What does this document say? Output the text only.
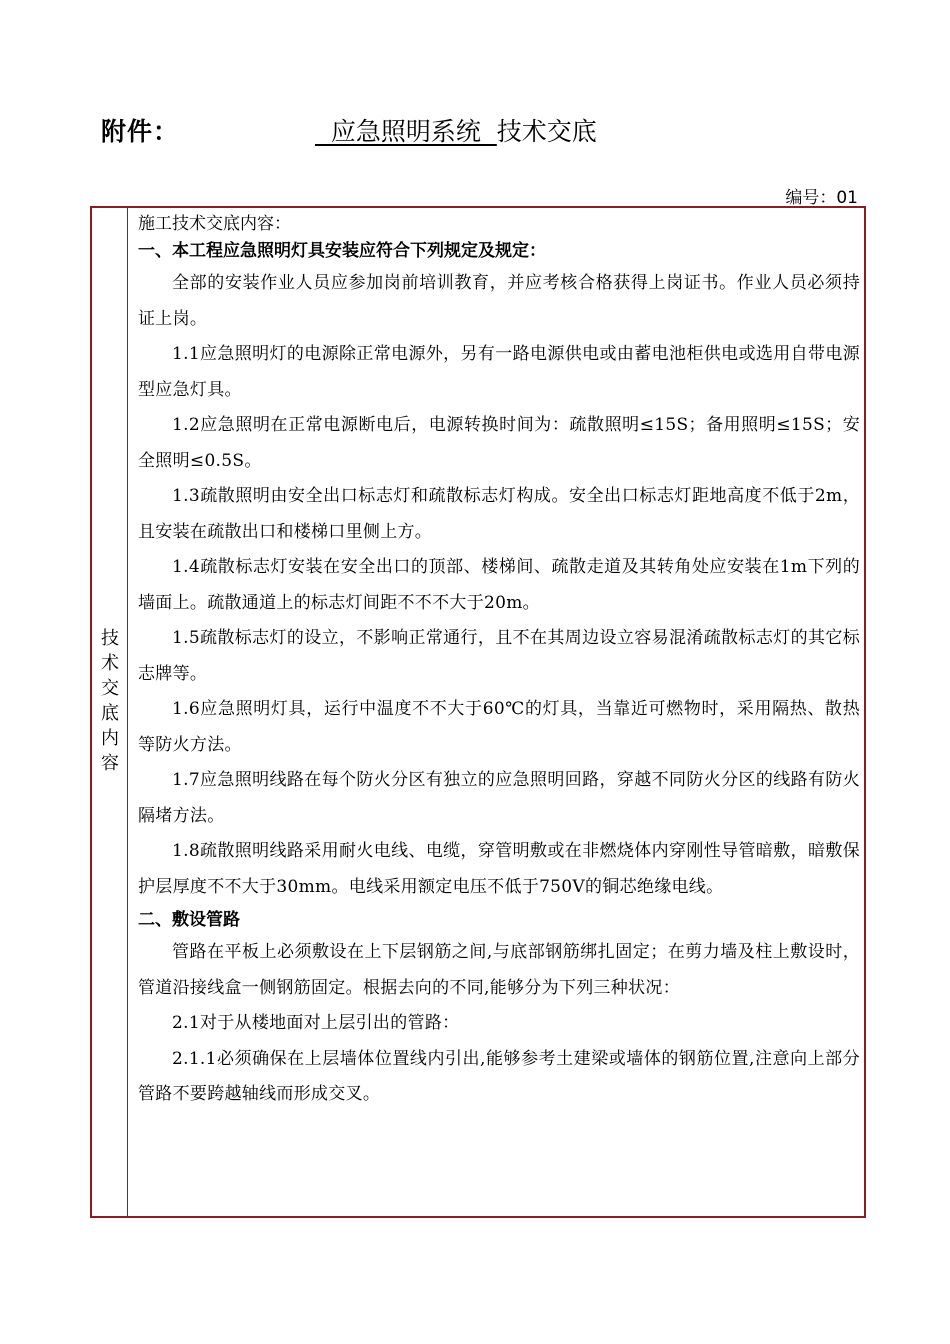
附件：	应急照明系统  技术交底
编号：01
技
术
交
底
内
容

施工技术交底内容：

一、本工程应急照明灯具安装应符合下列规定及规定：

全部的安装作业人员应参加岗前培训教育，并应考核合格获得上岗证书。作业人员必须持证上岗。

1.1应急照明灯的电源除正常电源外，另有一路电源供电或由蓄电池柜供电或选用自带电源型应急灯具。

1.2应急照明在正常电源断电后，电源转换时间为：疏散照明≤15S；备用照明≤15S；安全照明≤0.5S。

1.3疏散照明由安全出口标志灯和疏散标志灯构成。安全出口标志灯距地高度不低于2m，且安装在疏散出口和楼梯口里侧上方。

1.4疏散标志灯安装在安全出口的顶部、楼梯间、疏散走道及其转角处应安装在1m下列的墙面上。疏散通道上的标志灯间距不不不大于20m。

1.5疏散标志灯的设立，不影响正常通行，且不在其周边设立容易混淆疏散标志灯的其它标志牌等。

1.6应急照明灯具，运行中温度不不大于60℃的灯具，当靠近可燃物时，采用隔热、散热等防火方法。

1.7应急照明线路在每个防火分区有独立的应急照明回路，穿越不同防火分区的线路有防火隔堵方法。

1.8疏散照明线路采用耐火电线、电缆，穿管明敷或在非燃烧体内穿刚性导管暗敷，暗敷保护层厚度不不大于30mm。电线采用额定电压不低于750V的铜芯绝缘电线。

二、敷设管路

管路在平板上必须敷设在上下层钢筋之间,与底部钢筋绑扎固定；在剪力墙及柱上敷设时，管道沿接线盒一侧钢筋固定。根据去向的不同,能够分为下列三种状况：

2.1对于从楼地面对上层引出的管路：

2.1.1必须确保在上层墙体位置线内引出,能够参考土建梁或墙体的钢筋位置,注意向上部分管路不要跨越轴线而形成交叉。
